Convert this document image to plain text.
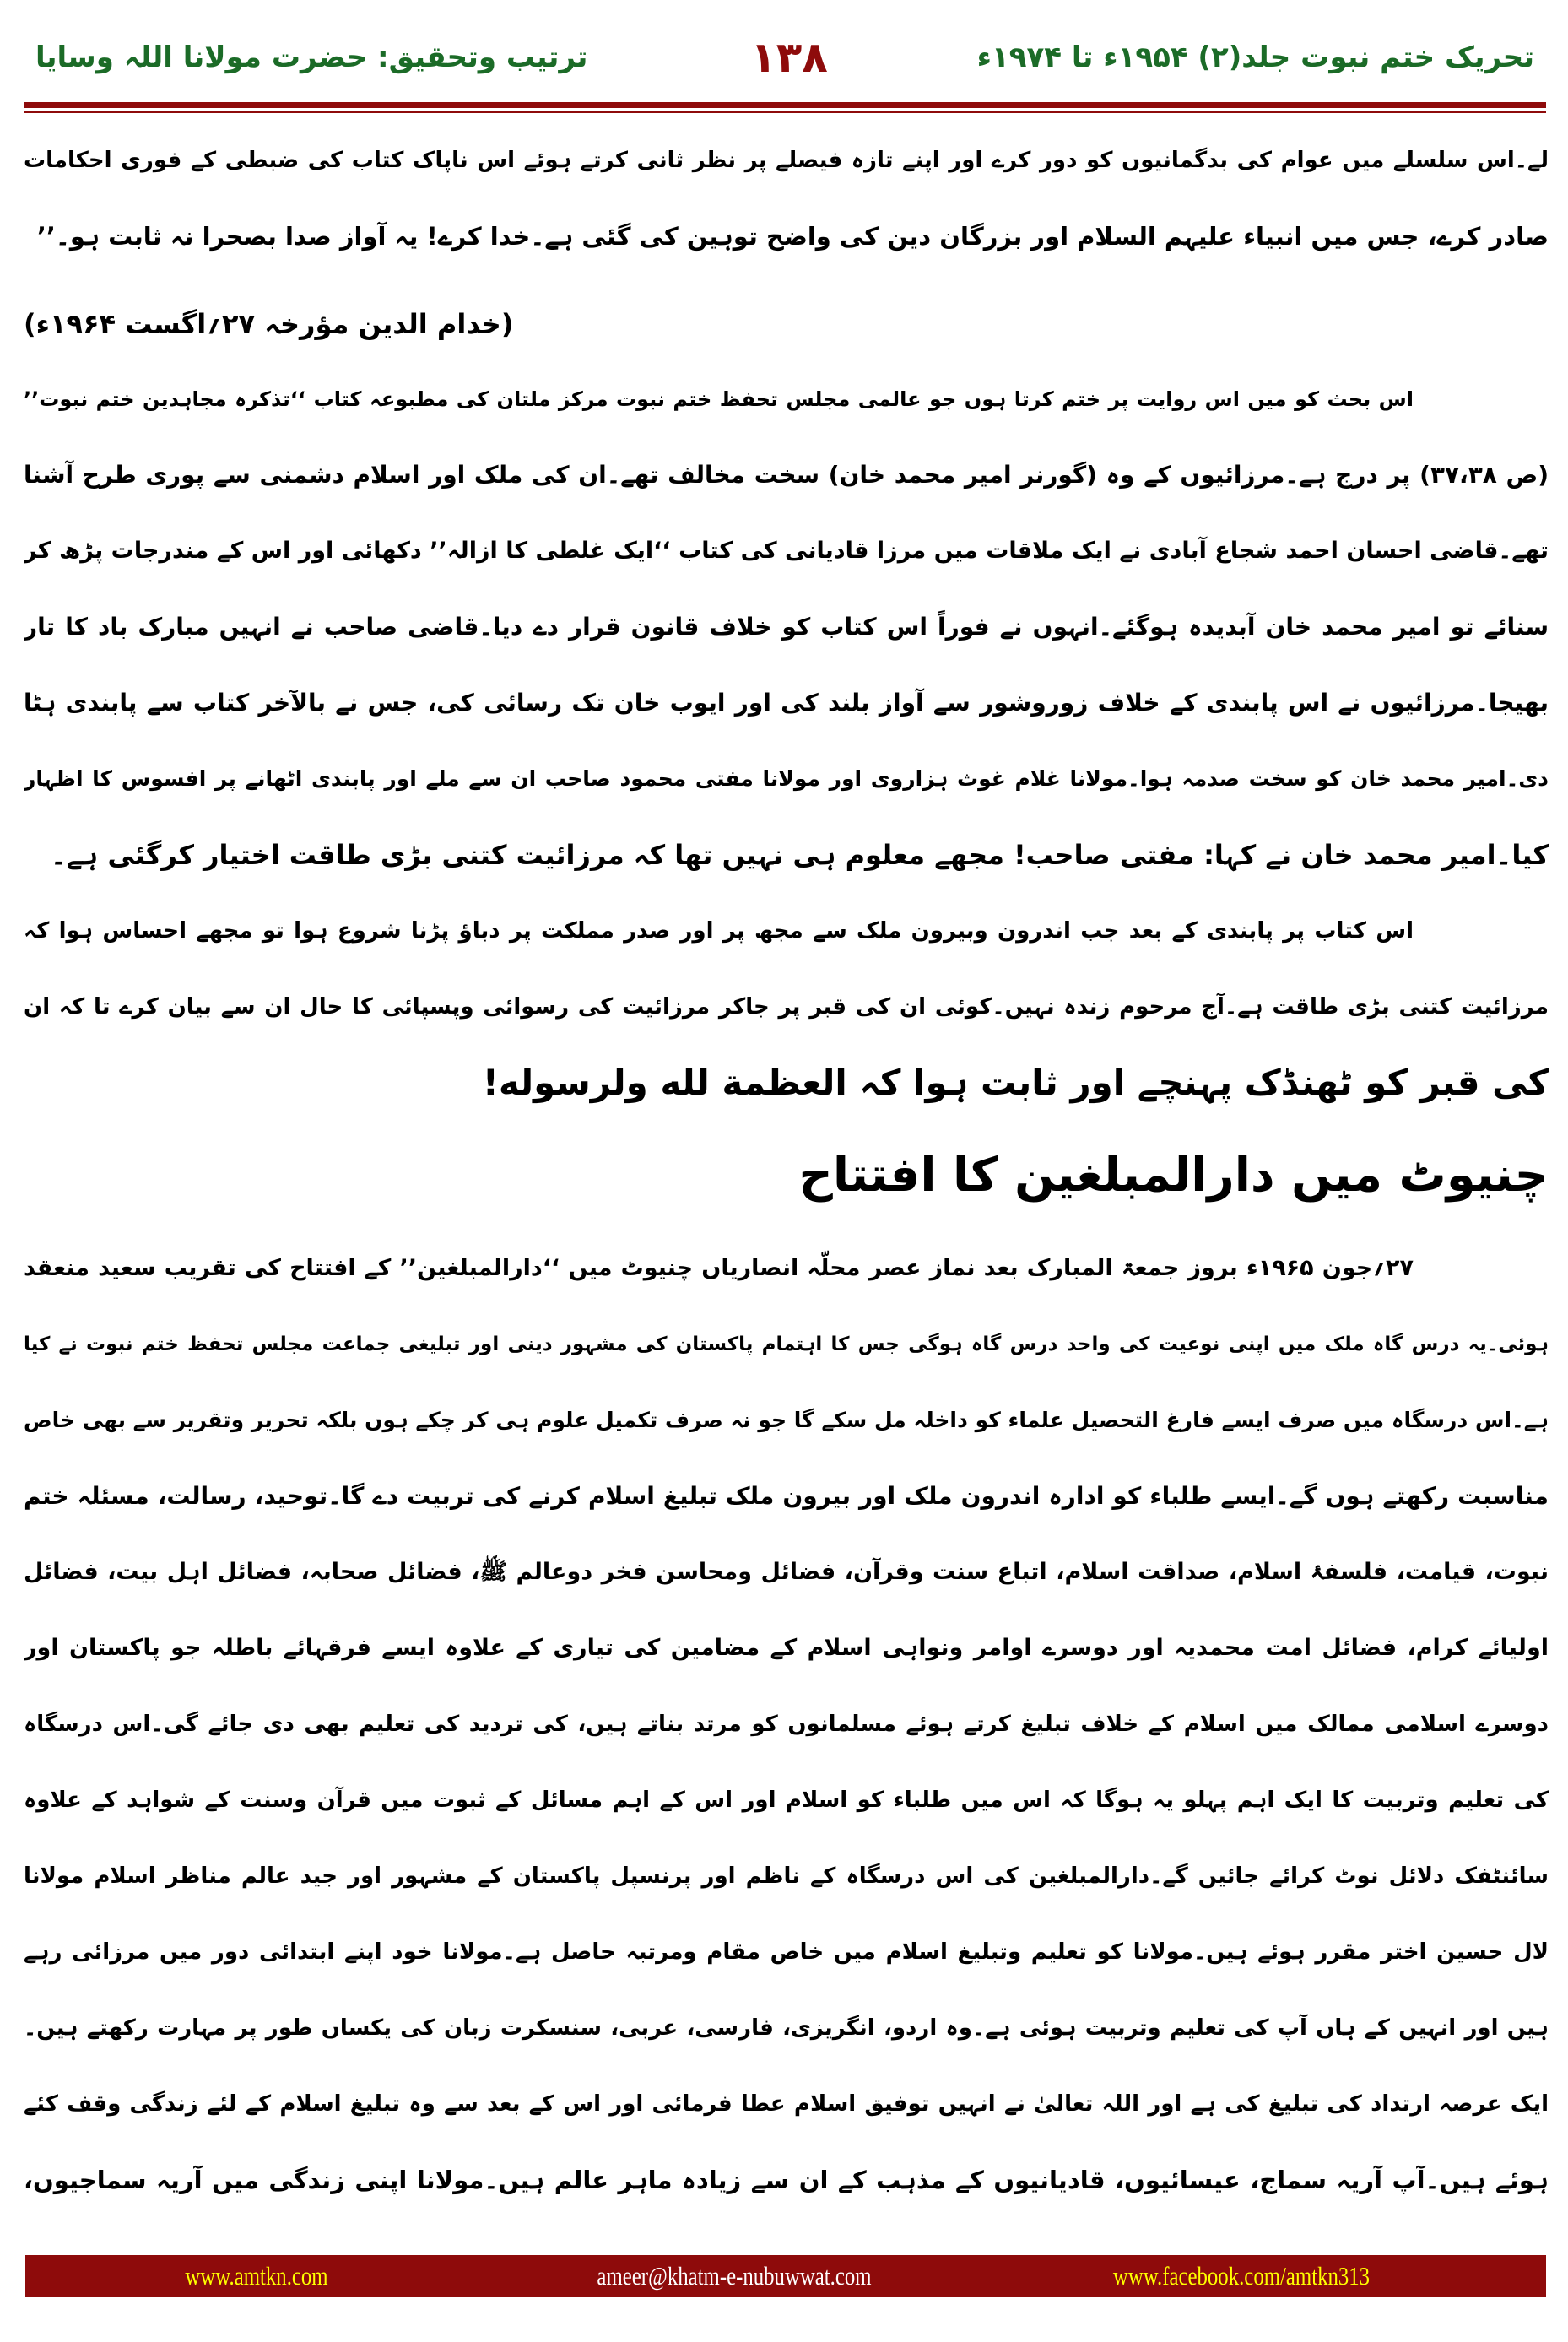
تحریک ختم نبوت جلد(۲) ۱۹۵۴ء تا ۱۹۷۴ء
۱۳۸
ترتیب وتحقیق: حضرت مولانا اللہ وسایا
لے۔اس سلسلے میں عوام کی بدگمانیوں کو دور کرے اور اپنے تازہ فیصلے پر نظر ثانی کرتے ہوئے اس ناپاک کتاب کی ضبطی کے فوری احکامات
صادر کرے، جس میں انبیاء علیہم السلام اور بزرگان دین کی واضح توہین کی گئی ہے۔خدا کرے! یہ آواز صدا بصحرا نہ ثابت ہو۔’’
(خدام الدین مؤرخہ ۲۷؍اگست ۱۹۶۴ء)
اس بحث کو میں اس روایت پر ختم کرتا ہوں جو عالمی مجلس تحفظ ختم نبوت مرکز ملتان کی مطبوعہ کتاب ‘‘تذکرہ مجاہدین ختم نبوت’’
(ص ۳۷،۳۸) پر درج ہے۔مرزائیوں کے وہ (گورنر امیر محمد خان) سخت مخالف تھے۔ان کی ملک اور اسلام دشمنی سے پوری طرح آشنا
تھے۔قاضی احسان احمد شجاع آبادی نے ایک ملاقات میں مرزا قادیانی کی کتاب ‘‘ایک غلطی کا ازالہ’’ دکھائی اور اس کے مندرجات پڑھ کر
سنائے تو امیر محمد خان آبدیدہ ہوگئے۔انہوں نے فوراً اس کتاب کو خلاف قانون قرار دے دیا۔قاضی صاحب نے انہیں مبارک باد کا تار
بھیجا۔مرزائیوں نے اس پابندی کے خلاف زوروشور سے آواز بلند کی اور ایوب خان تک رسائی کی، جس نے بالآخر کتاب سے پابندی ہٹا
دی۔امیر محمد خان کو سخت صدمہ ہوا۔مولانا غلام غوث ہزاروی اور مولانا مفتی محمود صاحب ان سے ملے اور پابندی اٹھانے پر افسوس کا اظہار
کیا۔امیر محمد خان نے کہا: مفتی صاحب! مجھے معلوم ہی نہیں تھا کہ مرزائیت کتنی بڑی طاقت اختیار کرگئی ہے۔
اس کتاب پر پابندی کے بعد جب اندرون وبیرون ملک سے مجھ پر اور صدر مملکت پر دباؤ پڑنا شروع ہوا تو مجھے احساس ہوا کہ
مرزائیت کتنی بڑی طاقت ہے۔آج مرحوم زندہ نہیں۔کوئی ان کی قبر پر جاکر مرزائیت کی رسوائی وپسپائی کا حال ان سے بیان کرے تا کہ ان
کی قبر کو ٹھنڈک پہنچے اور ثابت ہوا کہ العظمة لله ولرسوله!
چنیوٹ میں دارالمبلغین کا افتتاح
۲۷؍جون ۱۹۶۵ء بروز جمعۃ المبارک بعد نماز عصر محلّہ انصاریاں چنیوٹ میں ‘‘دارالمبلغین’’ کے افتتاح کی تقریب سعید منعقد
ہوئی۔یہ درس گاہ ملک میں اپنی نوعیت کی واحد درس گاہ ہوگی جس کا اہتمام پاکستان کی مشہور دینی اور تبلیغی جماعت مجلس تحفظ ختم نبوت نے کیا
ہے۔اس درسگاہ میں صرف ایسے فارغ التحصیل علماء کو داخلہ مل سکے گا جو نہ صرف تکمیل علوم ہی کر چکے ہوں بلکہ تحریر وتقریر سے بھی خاص
مناسبت رکھتے ہوں گے۔ایسے طلباء کو ادارہ اندرون ملک اور بیرون ملک تبلیغ اسلام کرنے کی تربیت دے گا۔توحید، رسالت، مسئلہ ختم
نبوت، قیامت، فلسفۂ اسلام، صداقت اسلام، اتباع سنت وقرآن، فضائل ومحاسن فخر دوعالم ﷺ، فضائل صحابہ، فضائل اہل بیت، فضائل
اولیائے کرام، فضائل امت محمدیہ اور دوسرے اوامر ونواہی اسلام کے مضامین کی تیاری کے علاوہ ایسے فرقہائے باطلہ جو پاکستان اور
دوسرے اسلامی ممالک میں اسلام کے خلاف تبلیغ کرتے ہوئے مسلمانوں کو مرتد بناتے ہیں، کی تردید کی تعلیم بھی دی جائے گی۔اس درسگاہ
کی تعلیم وتربیت کا ایک اہم پہلو یہ ہوگا کہ اس میں طلباء کو اسلام اور اس کے اہم مسائل کے ثبوت میں قرآن وسنت کے شواہد کے علاوہ
سائنٹفک دلائل نوٹ کرائے جائیں گے۔دارالمبلغین کی اس درسگاہ کے ناظم اور پرنسپل پاکستان کے مشہور اور جید عالم مناظر اسلام مولانا
لال حسین اختر مقرر ہوئے ہیں۔مولانا کو تعلیم وتبلیغ اسلام میں خاص مقام ومرتبہ حاصل ہے۔مولانا خود اپنے ابتدائی دور میں مرزائی رہے
ہیں اور انہیں کے ہاں آپ کی تعلیم وتربیت ہوئی ہے۔وہ اردو، انگریزی، فارسی، عربی، سنسکرت زبان کی یکساں طور پر مہارت رکھتے ہیں۔
ایک عرصہ ارتداد کی تبلیغ کی ہے اور اللہ تعالیٰ نے انہیں توفیق اسلام عطا فرمائی اور اس کے بعد سے وہ تبلیغ اسلام کے لئے زندگی وقف کئے
ہوئے ہیں۔آپ آریہ سماج، عیسائیوں، قادیانیوں کے مذہب کے ان سے زیادہ ماہر عالم ہیں۔مولانا اپنی زندگی میں آریہ سماجیوں،
www.amtkn.com	ameer@khatm-e-nubuwwat.com	www.facebook.com/amtkn313
